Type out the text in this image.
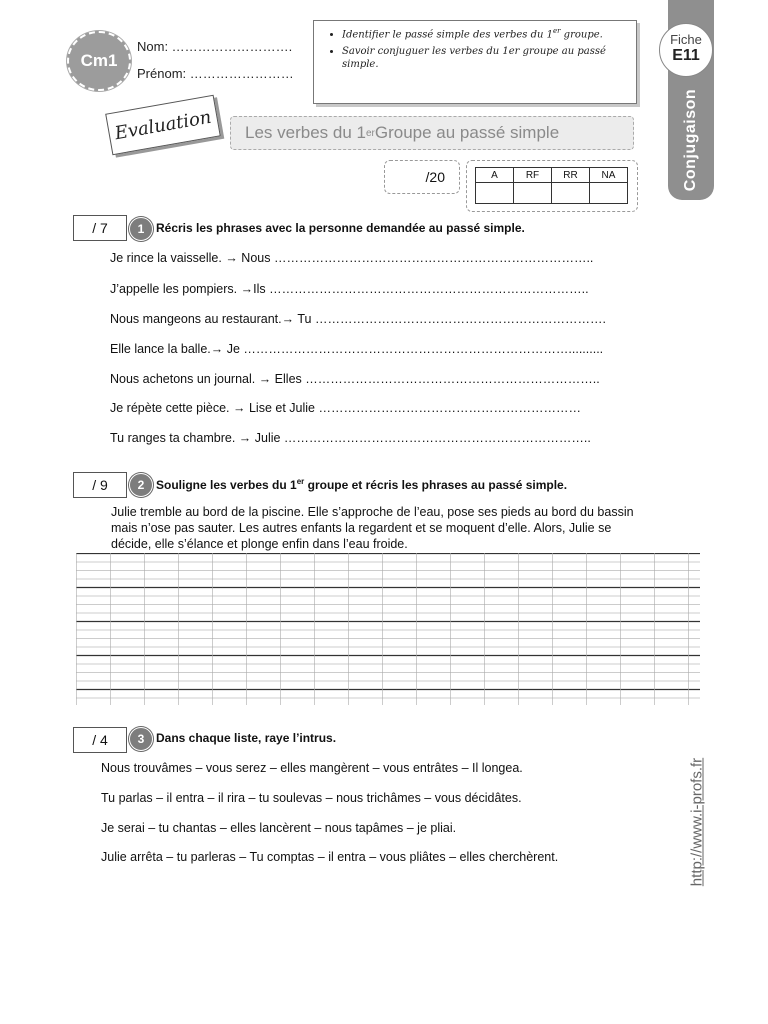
Cm1
Nom: ……………………….
Prénom: ……………………
• Identifier le passé simple des verbes du 1er groupe.
• Savoir conjuguer les verbes du 1er groupe au passé simple.
Conjugaison
Fiche
E11
Evaluation Les verbes du 1 er Groupe au passé simple
/20	A	RF	RR	NA

/ 7 1 Récris les phrases avec la personne demandée au passé simple.
Je rince la vaisselle. → Nous …………………………………………………………………..
J’appelle les pompiers. →Ils …………………………………………………………………..
Nous mangeons au restaurant.→ Tu …………………………………………………………….
Elle lance la balle.→ Je ……………………………………………………………………..........
Nous achetons un journal. → Elles ……………………………………………………………..
Je répète cette pièce. → Lise et Julie ………………………………………………………
Tu ranges ta chambre. → Julie ………………………………………………………………..
/ 9 2 Souligne les verbes du 1er groupe et récris les phrases au passé simple.
Julie tremble au bord de la piscine. Elle s’approche de l’eau, pose ses pieds au bord du bassin mais n’ose pas sauter. Les autres enfants la regardent et se moquent d’elle. Alors, Julie se décide, elle s’élance et plonge enfin dans l’eau froide.
/ 4 3 Dans chaque liste, raye l’intrus.
Nous trouvâmes – vous serez – elles mangèrent – vous entrâtes – Il longea.
Tu parlas – il entra – il rira – tu soulevas – nous trichâmes – vous décidâtes.
Je serai – tu chantas – elles lancèrent – nous tapâmes – je pliai.
Julie arrêta – tu parleras – Tu comptas – il entra – vous pliâtes – elles cherchèrent.	http://www.i-profs.fr
